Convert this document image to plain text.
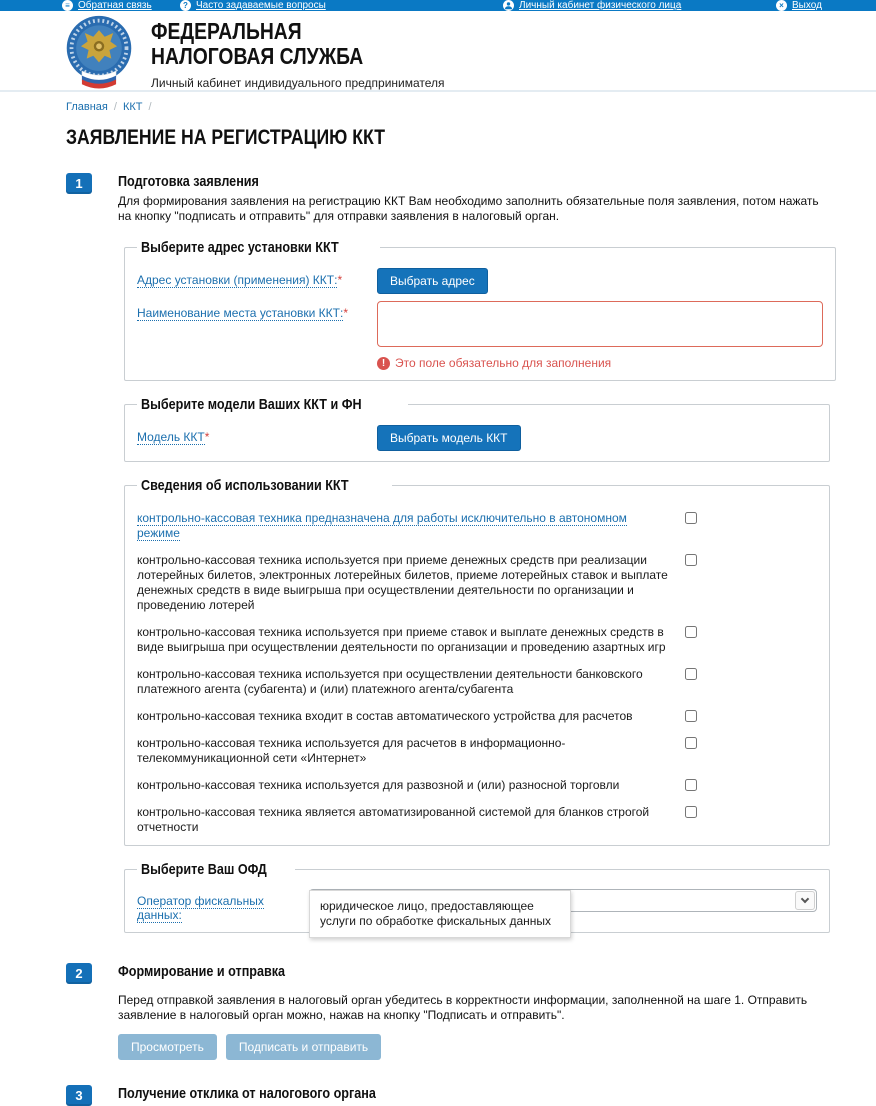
≡ Обратная связь	? Часто задаваемые вопросы	Личный кабинет физического лица	× Выход
ФЕДЕРАЛЬНАЯ
НАЛОГОВАЯ СЛУЖБА
Личный кабинет индивидуального предпринимателя
Главная / ККТ /
ЗАЯВЛЕНИЕ НА РЕГИСТРАЦИЮ ККТ
1	Подготовка заявления
Для формирования заявления на регистрацию ККТ Вам необходимо заполнить обязательные поля заявления, потом нажать на кнопку "подписать и отправить" для отправки заявления в налоговый орган.
Выберите адрес установки ККТ
Адрес установки (применения) ККТ:*	Выбрать адрес
Наименование места установки ККТ:*
!
Это поле обязательно для заполнения
Выберите модели Ваших ККТ и ФН
Модель ККТ*	Выбрать модель ККТ
Сведения об использовании ККТ
контрольно-кассовая техника предназначена для работы исключительно в автономном режиме
контрольно-кассовая техника используется при приеме денежных средств при реализации лотерейных билетов, электронных лотерейных билетов, приеме лотерейных ставок и выплате денежных средств в виде выигрыша при осуществлении деятельности по организации и проведению лотерей
контрольно-кассовая техника используется при приеме ставок и выплате денежных средств в виде выигрыша при осуществлении деятельности по организации и проведению азартных игр
контрольно-кассовая техника используется при осуществлении деятельности банковского платежного агента (субагента) и (или) платежного агента/субагента
контрольно-кассовая техника входит в состав автоматического устройства для расчетов
контрольно-кассовая техника используется для расчетов в информационно-телекоммуникационной сети «Интернет»
контрольно-кассовая техника используется для развозной и (или) разносной торговли
контрольно-кассовая техника является автоматизированной системой для бланков строгой отчетности
Выберите Ваш ОФД
Оператор фискальных данных:
юридическое лицо, предоставляющее услуги по обработке фискальных данных
2	Формирование и отправка
Перед отправкой заявления в налоговый орган убедитесь в корректности информации, заполненной на шаге 1. Отправить заявление в налоговый орган можно, нажав на кнопку "Подписать и отправить".
Просмотреть	Подписать и отправить
3	Получение отклика от налогового органа
